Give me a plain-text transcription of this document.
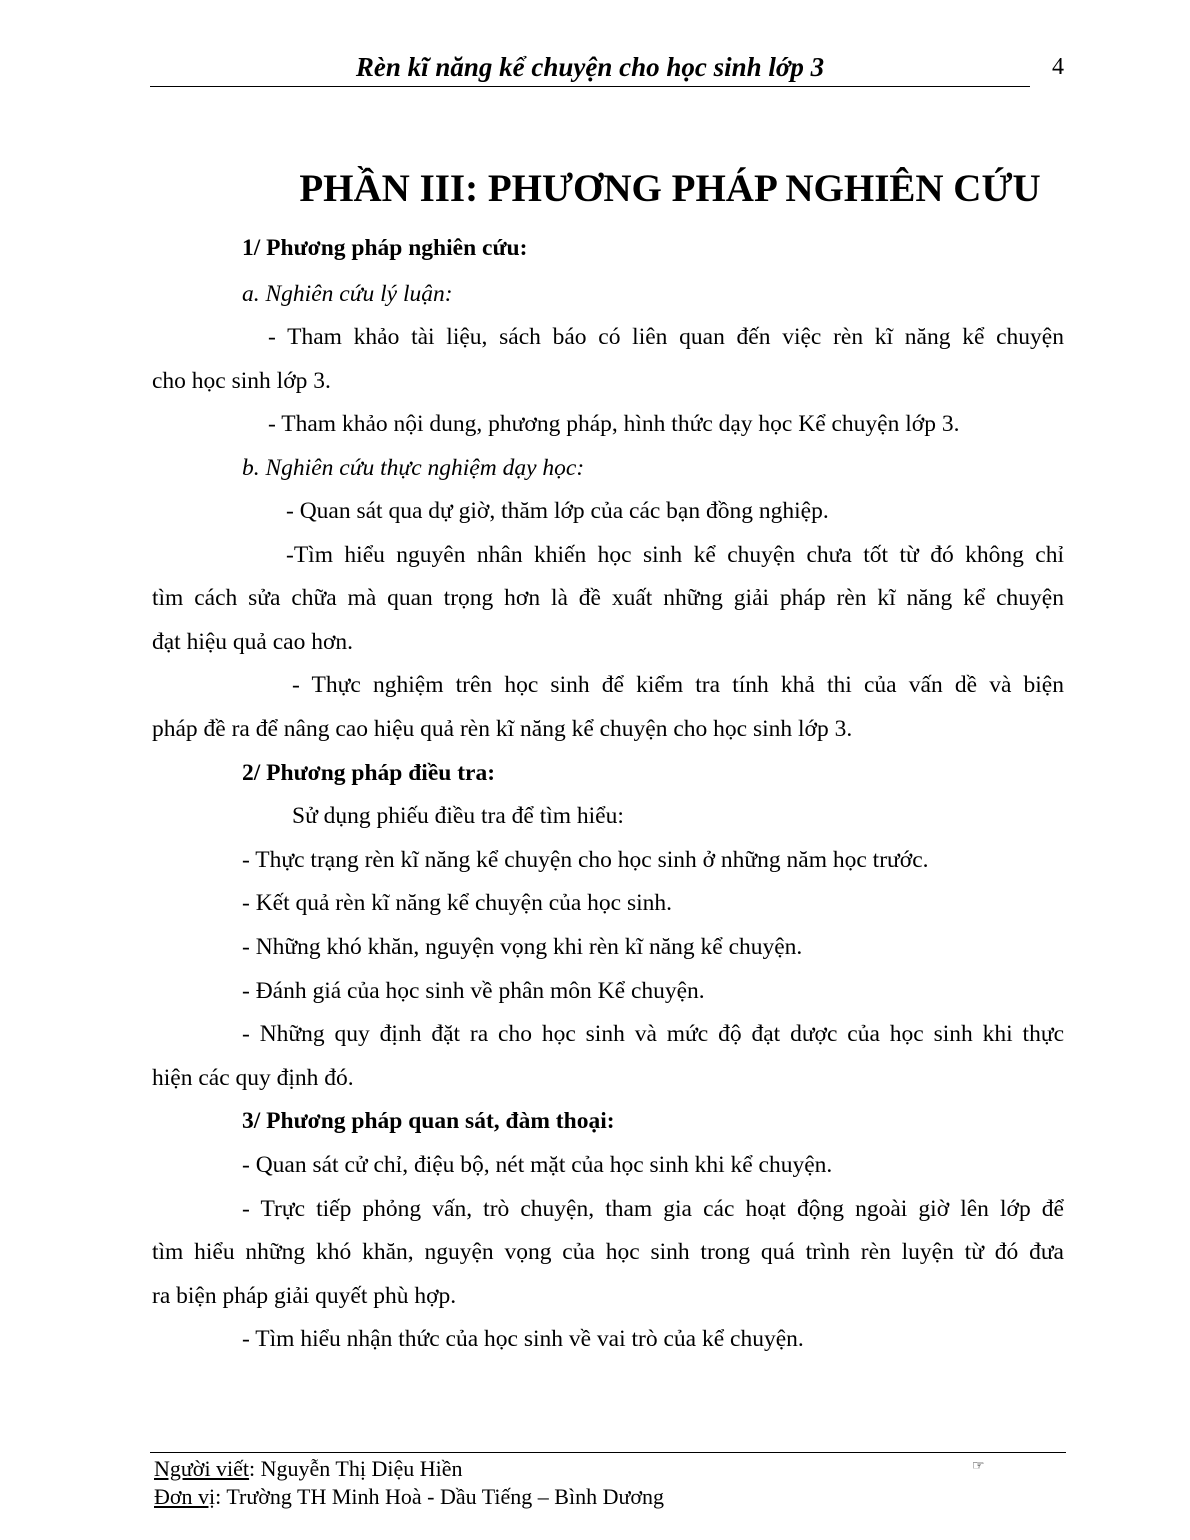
Rèn kĩ năng kể chuyện cho học sinh lớp 3	4
PHẦN III: PHƯƠNG PHÁP NGHIÊN CỨU
1/ Phương pháp nghiên cứu:
a. Nghiên cứu lý luận:
- Tham khảo tài liệu, sách báo có liên quan đến việc rèn kĩ năng kể chuyện
cho học sinh lớp 3.
- Tham khảo nội dung, phương pháp, hình thức dạy học Kể chuyện lớp 3.
b. Nghiên cứu thực nghiệm dạy học:
- Quan sát qua dự giờ, thăm lớp của các bạn đồng nghiệp.
-Tìm hiểu nguyên nhân khiến học sinh kể chuyện chưa tốt từ đó không chỉ
tìm cách sửa chữa mà quan trọng hơn là đề xuất những giải pháp rèn kĩ năng kể chuyện
đạt hiệu quả cao hơn.
- Thực nghiệm trên học sinh để kiểm tra tính khả thi của vấn dề và biện
pháp đề ra để nâng cao hiệu quả rèn kĩ năng kể chuyện cho học sinh lớp 3.
2/ Phương pháp điều tra:
Sử dụng phiếu điều tra để tìm hiểu:
- Thực trạng rèn kĩ năng kể chuyện cho học sinh ở những năm học trước.
- Kết quả rèn kĩ năng kể chuyện của học sinh.
- Những khó khăn, nguyện vọng khi rèn kĩ năng kể chuyện.
- Đánh giá của học sinh về phân môn Kể chuyện.
- Những quy định đặt ra cho học sinh và mức độ đạt dược của học sinh khi thực
hiện các quy định đó.
3/ Phương pháp quan sát, đàm thoại:
- Quan sát cử chỉ, điệu bộ, nét mặt của học sinh khi kể chuyện.
- Trực tiếp phỏng vấn, trò chuyện, tham gia các hoạt động ngoài giờ lên lớp để
tìm hiểu những khó khăn, nguyện vọng của học sinh trong quá trình rèn luyện từ đó đưa
ra biện pháp giải quyết phù hợp.
- Tìm hiểu nhận thức của học sinh về vai trò của kể chuyện.
Người viết: Nguyễn Thị Diệu Hiền
Đơn vị: Trường TH Minh Hoà - Dầu Tiếng – Bình Dương
☞
